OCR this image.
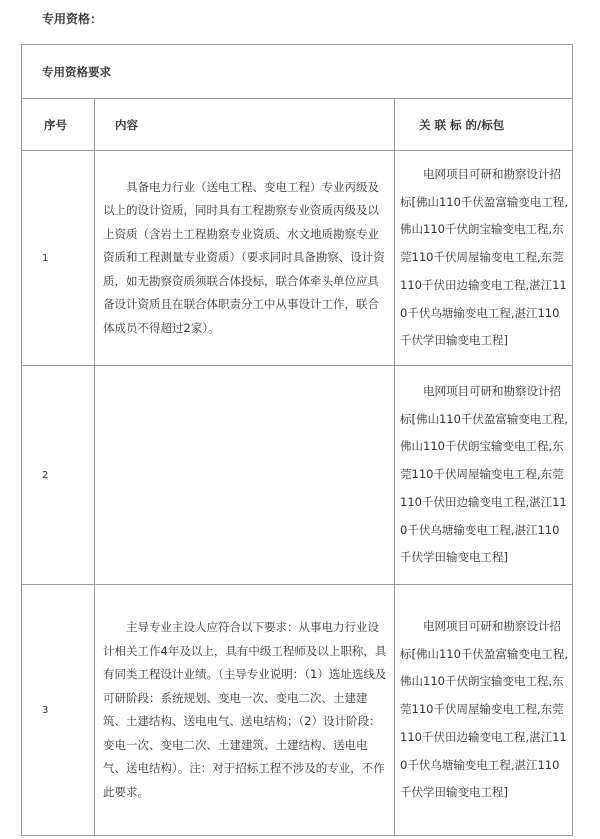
专用资格：
专用资格要求		
序号	内容	关 联 标 的/标包
1	具备电力行业（送电工程、变电工程）专业丙级及以上的设计资质，同时具有工程勘察专业资质丙级及以上资质（含岩土工程勘察专业资质、水文地质勘察专业资质和工程测量专业资质）（要求同时具备勘察、设计资质，如无勘察资质须联合体投标，联合体牵头单位应具备设计资质且在联合体职责分工中从事设计工作，联合体成员不得超过2家）。	电网项目可研和勘察设计招标[佛山110千伏盈富输变电工程,佛山110千伏朗宝输变电工程,东莞110千伏周屋输变电工程,东莞110千伏田边输变电工程,湛江110千伏乌塘输变电工程,湛江110千伏学田输变电工程]

2		电网项目可研和勘察设计招标[佛山110千伏盈富输变电工程,佛山110千伏朗宝输变电工程,东莞110千伏周屋输变电工程,东莞110千伏田边输变电工程,湛江110千伏乌塘输变电工程,湛江110千伏学田输变电工程]

3	主导专业主设人应符合以下要求：从事电力行业设计相关工作4年及以上，具有中级工程师及以上职称，具有同类工程设计业绩。（主导专业说明：（1）选址选线及可研阶段：系统规划、变电一次、变电二次、土建建筑、土建结构、送电电气、送电结构；（2）设计阶段：变电一次、变电二次、土建建筑、土建结构、送电电气、送电结构）。注：对于招标工程不涉及的专业，不作此要求。	电网项目可研和勘察设计招标[佛山110千伏盈富输变电工程,佛山110千伏朗宝输变电工程,东莞110千伏周屋输变电工程,东莞110千伏田边输变电工程,湛江110千伏乌塘输变电工程,湛江110千伏学田输变电工程]
